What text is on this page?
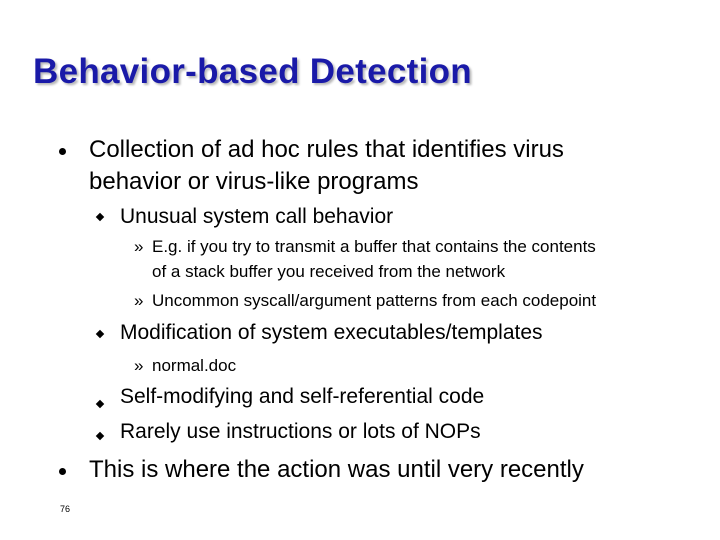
Behavior-based Detection
Collection of ad hoc rules that identifies virus
behavior or virus-like programs
Unusual system call behavior
» E.g. if you try to transmit a buffer that contains the contents
of a stack buffer you received from the network
» Uncommon syscall/argument patterns from each codepoint
Modification of system executables/templates
» normal.doc
Self-modifying and self-referential code
Rarely use instructions or lots of NOPs
This is where the action was until very recently
76
